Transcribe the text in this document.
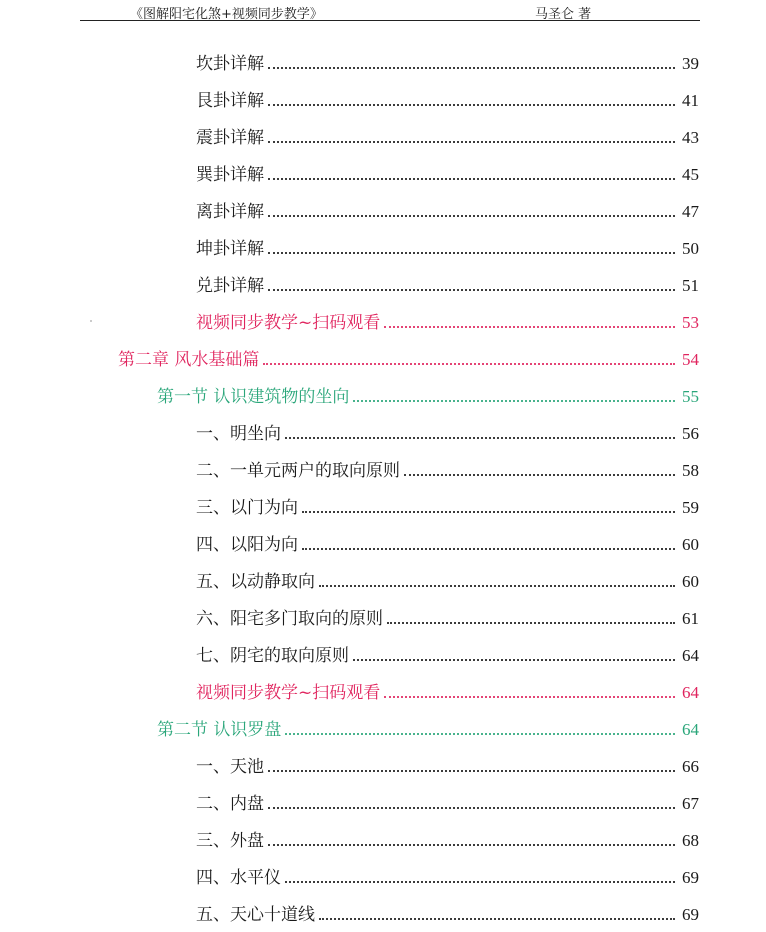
《图解阳宅化煞+视频同步教学》	马圣仑 著
坎卦详解	39
艮卦详解	41
震卦详解	43
巽卦详解	45
离卦详解	47
坤卦详解	50
兑卦详解	51
视频同步教学~扫码观看	53
第二章 风水基础篇	54
第一节 认识建筑物的坐向	55
一、明坐向	56
二、一单元两户的取向原则	58
三、以门为向	59
四、以阳为向	60
五、以动静取向	60
六、阳宅多门取向的原则	61
七、阴宅的取向原则	64
视频同步教学~扫码观看	64
第二节 认识罗盘	64
一、天池	66
二、内盘	67
三、外盘	68
四、水平仪	69
五、天心十道线	69
